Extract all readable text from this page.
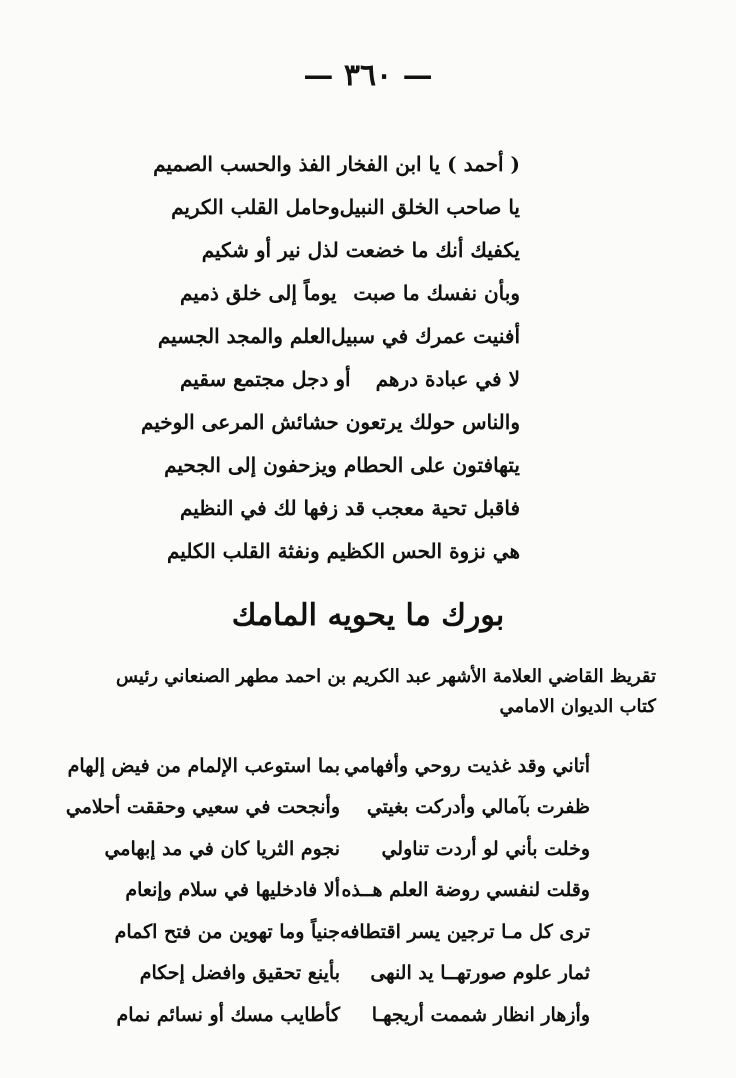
— ٣٦٠ —
( أحمد ) يا ابن الفخا
ر الفذ والحسب الصميم
يا صاحب الخلق النبيل
وحامل القلب الكريم
يكفيك أنك ما خضعت لذل نير أو شكيم
وبأن نفسك ما صبت
يوماً إلى خلق ذميم
أفنيت عمرك في سبيل
العلم والمجد الجسيم
لا في عبادة درهم
أو دجل مجتمع سقيم
والناس حولك يرتعو
ن حشائش المرعى الوخيم
يتهافتون على الحطا
م ويزحفون إلى الجحيم
فاقبل تحية معجب
قد زفها لك في النظيم
هي نزوة الحس الكظيم ونفثة القلب الكليم
بورك ما يحويه المامك
تقريظ القاضي العلامة الأشهر عبد الكريم بن احمد مطهر الصنعاني رئيس كتاب الديوان الامامي
أتاني وقد غذيت روحي وأفهامي
بما استوعب الإلمام من فيض إلهام
ظفرت بآمالي وأدركت بغيتي
وأنجحت في سعيي وحققت أحلامي
وخلت بأني لو أردت تناولي
نجوم الثريا كان في مد إبهامي
وقلت لنفسي روضة العلم هــذه
ألا فادخليها في سلام وإنعام
ترى كل مـا ترجين يسر اقتطافه
جنياً وما تهوين من فتح اكمام
ثمار علوم صورتهــا يد النهى
بأينع تحقيق وافضل إحكام
وأزهار انظار شممت أريجهـا
كأطايب مسك أو نسائم نمام
